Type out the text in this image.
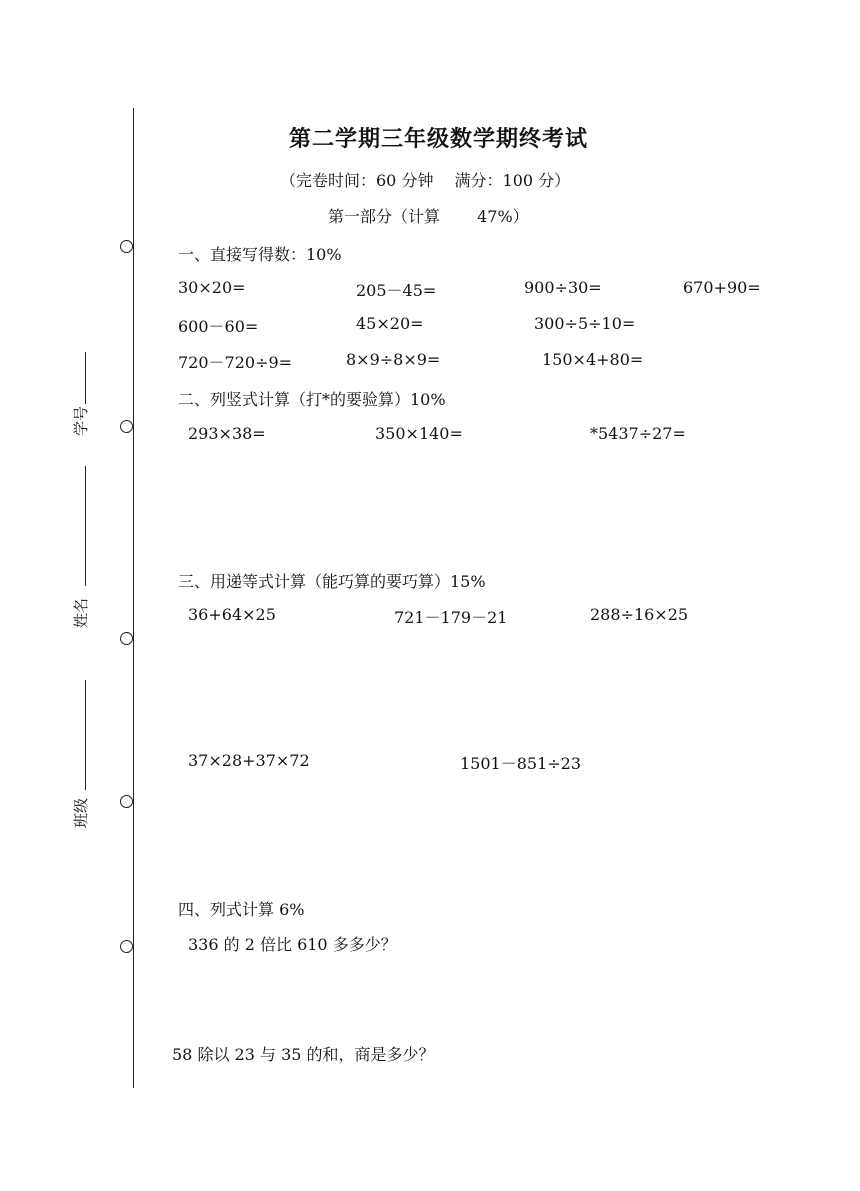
学号
姓名
班级
第二学期三年级数学期终考试
（完卷时间：60 分钟　 满分：100 分）
第一部分（计算　　 47%）
一、直接写得数：10%
30×20=	205－45=	900÷30=	670+90=
600－60=	45×20=	300÷5÷10=
720－720÷9=	8×9÷8×9=	150×4+80=
二、列竖式计算（打*的要验算）10%
293×38=	350×140=	*5437÷27=
三、用递等式计算（能巧算的要巧算）15%
36+64×25	721－179－21	288÷16×25
37×28+37×72	1501－851÷23
四、列式计算 6%
336 的 2 倍比 610 多多少？
58 除以 23 与 35 的和，商是多少？
